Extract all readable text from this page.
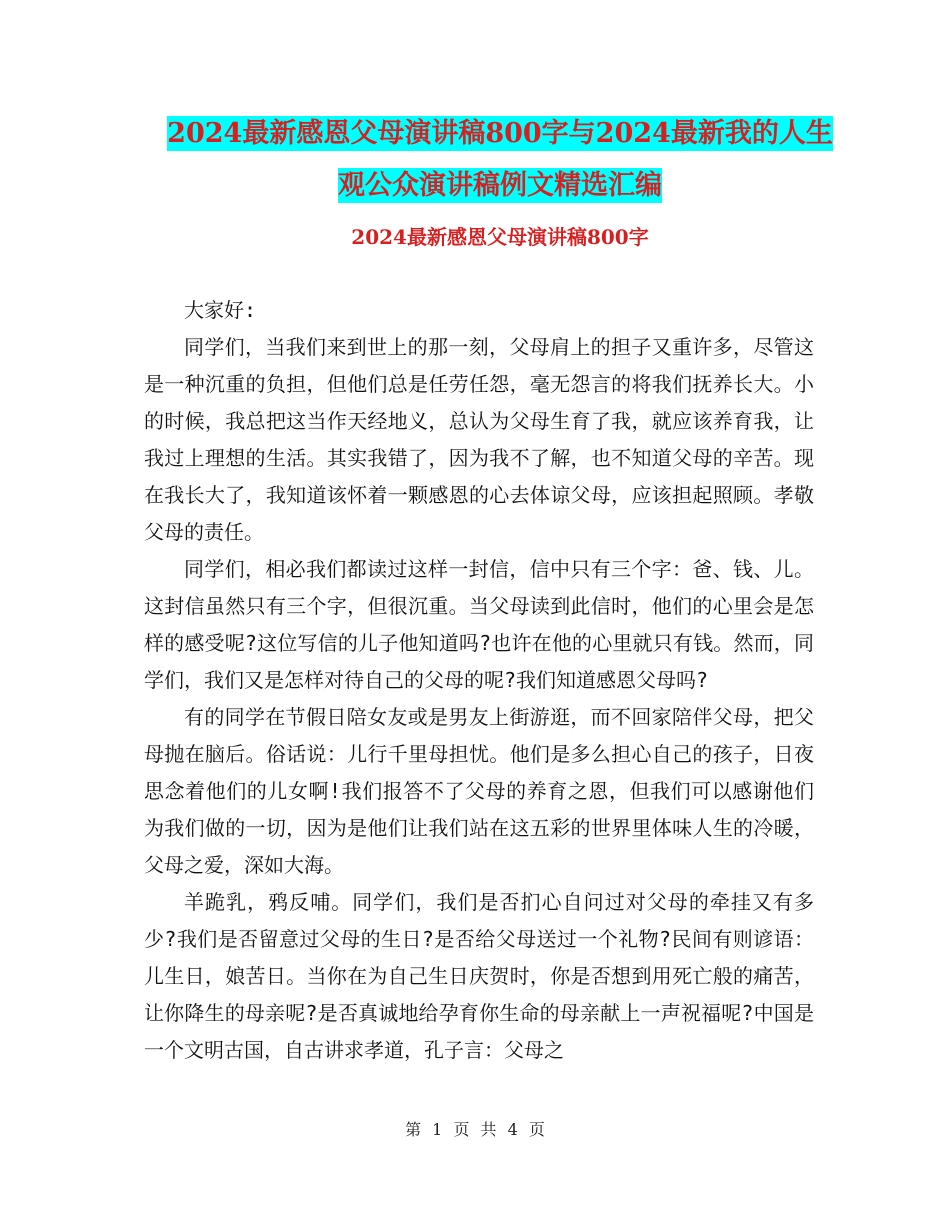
2024最新感恩父母演讲稿800字与2024最新我的人生
观公众演讲稿例文精选汇编
2024最新感恩父母演讲稿800字

大家好:

同学们，当我们来到世上的那一刻，父母肩上的担子又重许多，尽管这是一种沉重的负担，但他们总是任劳任怨，毫无怨言的将我们抚养长大。小的时候，我总把这当作天经地义，总认为父母生育了我，就应该养育我，让我过上理想的生活。其实我错了，因为我不了解，也不知道父母的辛苦。现在我长大了，我知道该怀着一颗感恩的心去体谅父母，应该担起照顾。孝敬父母的责任。

同学们，相必我们都读过这样一封信，信中只有三个字：爸、钱、儿。这封信虽然只有三个字，但很沉重。当父母读到此信时，他们的心里会是怎样的感受呢?这位写信的儿子他知道吗?也许在他的心里就只有钱。然而，同学们，我们又是怎样对待自己的父母的呢?我们知道感恩父母吗?

有的同学在节假日陪女友或是男友上街游逛，而不回家陪伴父母，把父母抛在脑后。俗话说：儿行千里母担忧。他们是多么担心自己的孩子，日夜思念着他们的儿女啊!我们报答不了父母的养育之恩，但我们可以感谢他们为我们做的一切，因为是他们让我们站在这五彩的世界里体味人生的冷暖，父母之爱，深如大海。

羊跪乳，鸦反哺。同学们，我们是否扪心自问过对父母的牵挂又有多少?我们是否留意过父母的生日?是否给父母送过一个礼物?民间有则谚语：儿生日，娘苦日。当你在为自己生日庆贺时，你是否想到用死亡般的痛苦，让你降生的母亲呢?是否真诚地给孕育你生命的母亲献上一声祝福呢?中国是一个文明古国，自古讲求孝道，孔子言：父母之

第 1 页 共 4 页
